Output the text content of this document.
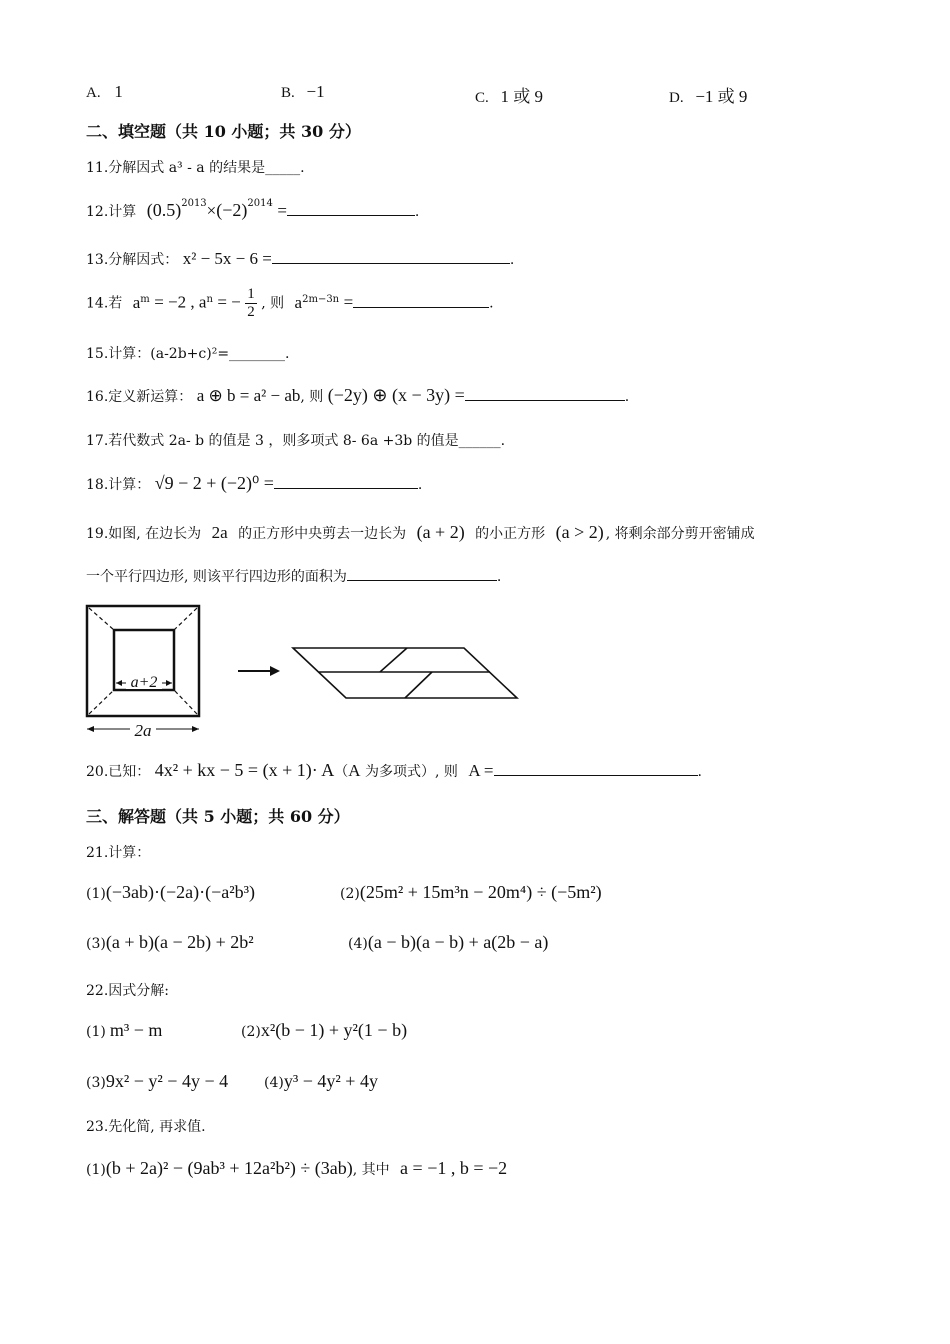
A. 1	B. −1	C. 1 或 9	D. −1 或 9
二、填空题（共 10 小题；共 30 分）
11.分解因式 a³ - a 的结果是_____.
12.计算 $(0.5)^{2013}\times(-2)^{2014}$ =	.
13.分解因式： x² − 5x − 6 =	.
14.若 $a^m = -2$ , $a^n$ = − $\frac{1}{2}$ , 则 $a^{2m-3n}$ =	.
15.计算：(a-2b+c)²=________.
16.定义新运算： a ⊕ b = a² − ab, 则 (−2y) ⊕ (x − 3y) =	.
17.若代数式 2a- b 的值是 3 ，则多项式 8- 6a +3b 的值是______.
18.计算： √9 − 2 + (−2)⁰ =	.
19.如图, 在边长为 2a 的正方形中央剪去一边长为 (a + 2) 的小正方形 (a > 2) , 将剩余部分剪开密铺成
一个平行四边形, 则该平行四边形的面积为	.
a+2
2a
20.已知： 4x² + kx − 5 = (x + 1)· A（A 为多项式）, 则 A =	.
三、解答题（共 5 小题；共 60 分）
21.计算：
(1)(−3ab)·(−2a)·(−a²b³)	(2)(25m² + 15m³n − 20m⁴) ÷ (−5m²)
(3)(a + b)(a − 2b) + 2b²	(4)(a − b)(a − b) + a(2b − a)
22.因式分解:
(1) m³ − m	(2)x²(b − 1) + y²(1 − b)
(3)9x² − y² − 4y − 4	(4)y³ − 4y² + 4y
23.先化简, 再求值.
(1)(b + 2a)² − (9ab³ + 12a²b²) ÷ (3ab), 其中 a = −1 , b = −2
